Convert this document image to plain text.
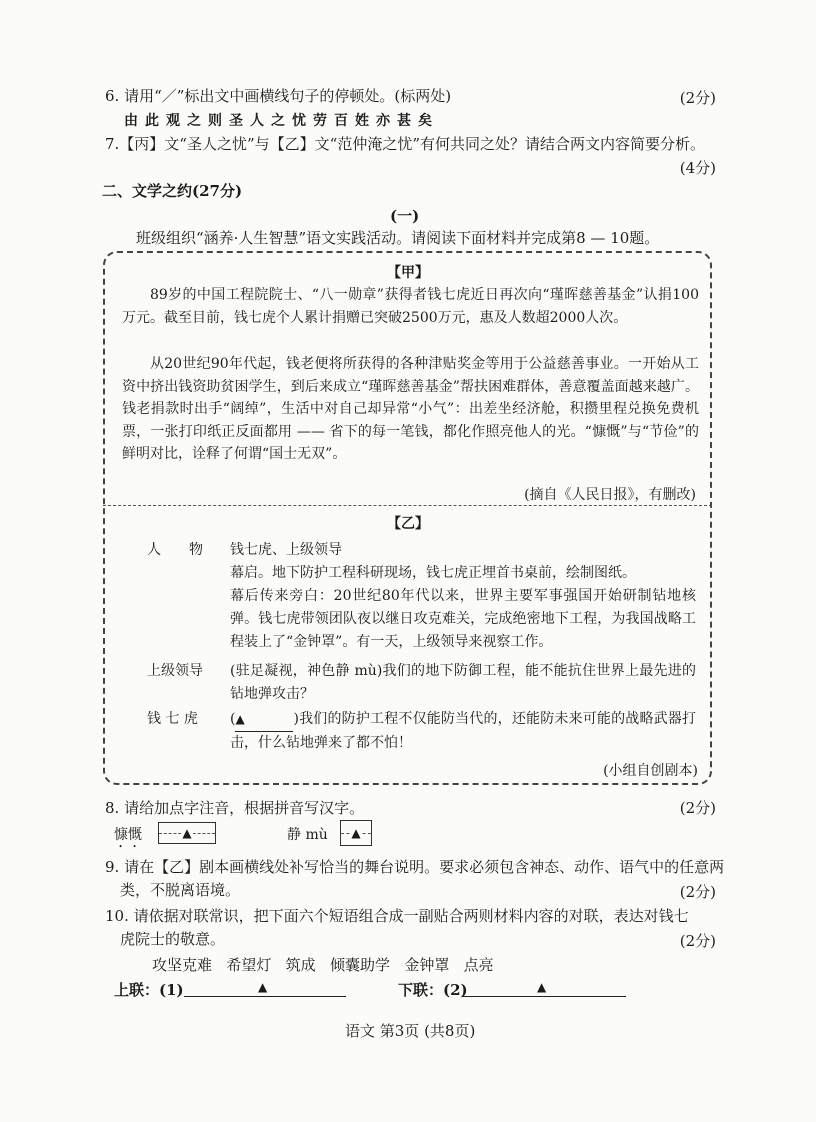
6. 请用“／”标出文中画横线句子的停顿处。(标两处)	(2分)
由此观之则圣人之忧劳百姓亦甚矣
7.【丙】文“圣人之忧”与【乙】文“范仲淹之忧”有何共同之处？请结合两文内容简要分析。
(4分)
二、文学之约(27分)
(一)
班级组织“涵养·人生智慧”语文实践活动。请阅读下面材料并完成第8 — 10题。
【甲】
89岁的中国工程院院士、“八一勋章”获得者钱七虎近日再次向“瑾晖慈善基金”认捐100万元。截至目前，钱七虎个人累计捐赠已突破2500万元，惠及人数超2000人次。
从20世纪90年代起，钱老便将所获得的各种津贴奖金等用于公益慈善事业。一开始从工资中挤出钱资助贫困学生，到后来成立“瑾晖慈善基金”帮扶困难群体，善意覆盖面越来越广。钱老捐款时出手“阔绰”，生活中对自己却异常“小气”：出差坐经济舱，积攒里程兑换免费机票，一张打印纸正反面都用 —— 省下的每一笔钱，都化作照亮他人的光。“慷慨”与“节俭”的鲜明对比，诠释了何谓“国士无双”。
(摘自《人民日报》，有删改)
【乙】
人　　物 钱七虎、上级领导
幕启。地下防护工程科研现场，钱七虎正埋首书桌前，绘制图纸。
幕后传来旁白：20世纪80年代以来，世界主要军事强国开始研制钻地核弹。钱七虎带领团队夜以继日攻克难关，完成绝密地下工程，为我国战略工程装上了“金钟罩”。有一天，上级领导来视察工作。
上级领导 (驻足凝视，神色静 mù)我们的地下防御工程，能不能抗住世界上最先进的钻地弹攻击？
钱 七 虎 (▲	)我们的防护工程不仅能防当代的，还能防未来可能的战略武器打击，什么钻地弹来了都不怕！
(小组自创剧本)
8. 请给加点字注音，根据拼音写汉字。	(2分)
慷慨	▲	静 mù ▲
9. 请在【乙】剧本画横线处补写恰当的舞台说明。要求必须包含神态、动作、语气中的任意两
类，不脱离语境。	(2分)
10. 请依据对联常识，把下面六个短语组合成一副贴合两则材料内容的对联，表达对钱七
虎院士的敬意。	(2分)
攻坚克难 希望灯 筑成 倾囊助学 金钟罩 点亮
上联：(1)	▲	下联：(2)	▲
语文 第3页 (共8页)
